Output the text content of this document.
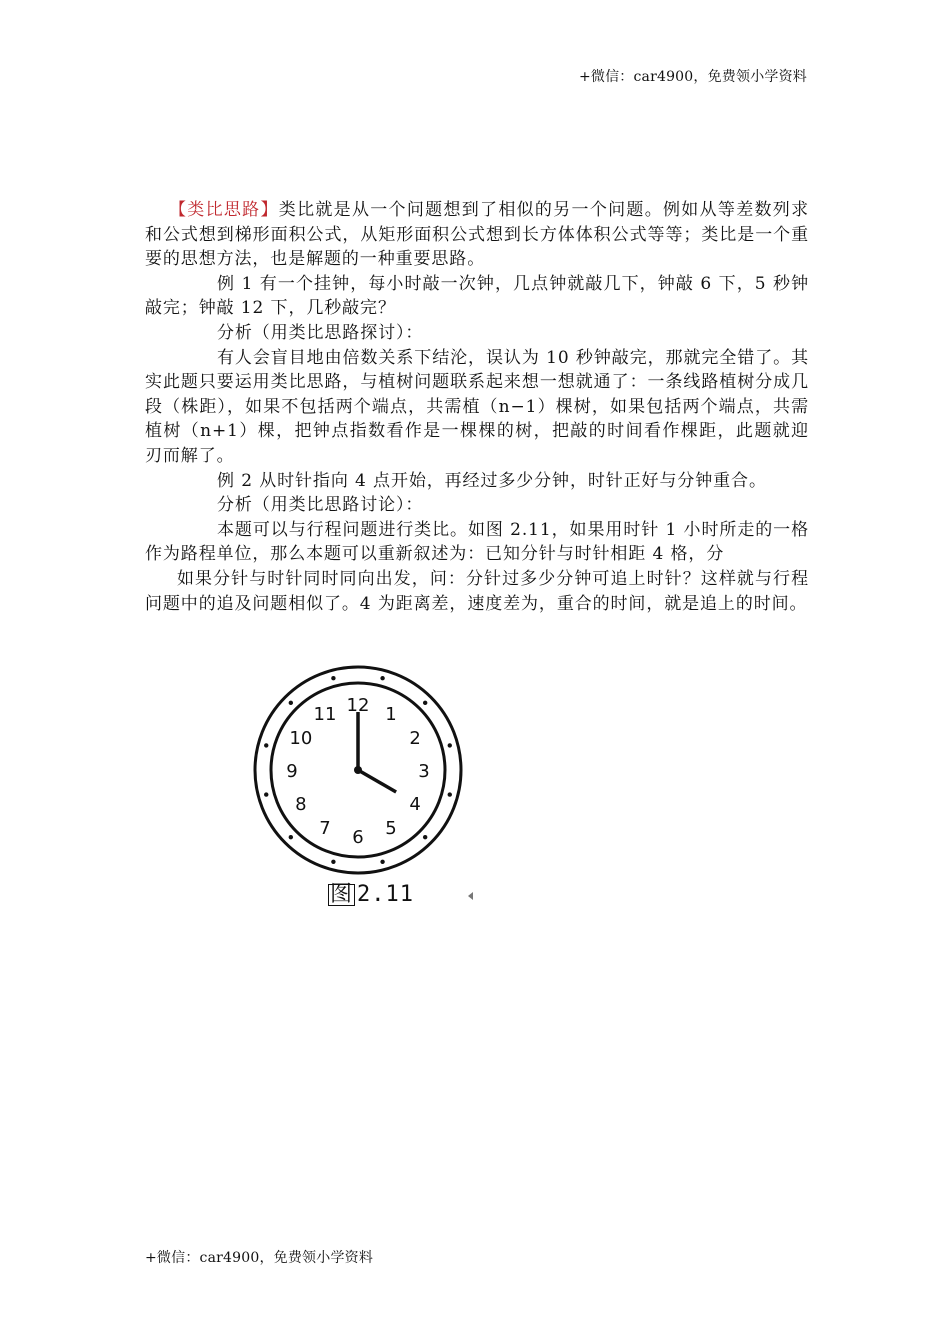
+微信：car4900，免费领小学资料

【类比思路】类比就是从一个问题想到了相似的另一个问题。例如从等差数列求和公式想到梯形面积公式，从矩形面积公式想到长方体体积公式等等；类比是一个重要的思想方法，也是解题的一种重要思路。

例 1 有一个挂钟，每小时敲一次钟，几点钟就敲几下，钟敲 6 下，5 秒钟敲完；钟敲 12 下，几秒敲完？

分析（用类比思路探讨）：

有人会盲目地由倍数关系下结沦，误认为 10 秒钟敲完，那就完全错了。其实此题只要运用类比思路，与植树问题联系起来想一想就通了：一条线路植树分成几段（株距），如果不包括两个端点，共需植（n−1）棵树，如果包括两个端点，共需植树（n+1）棵，把钟点指数看作是一棵棵的树，把敲的时间看作棵距，此题就迎刃而解了。

例 2 从时针指向 4 点开始，再经过多少分钟，时针正好与分钟重合。

分析（用类比思路讨论）：

本题可以与行程问题进行类比。如图 2.11，如果用时针 1 小时所走的一格作为路程单位，那么本题可以重新叙述为：已知分针与时针相距 4 格，分

如果分针与时针同时同向出发，问：分针过多少分钟可追上时针？这样就与行程问题中的追及问题相似了。4 为距离差，速度差为，重合的时间，就是追上的时间。

12 1
2
3
4
5
6
7
8
9
10
11
图 2.11
+微信：car4900，免费领小学资料
